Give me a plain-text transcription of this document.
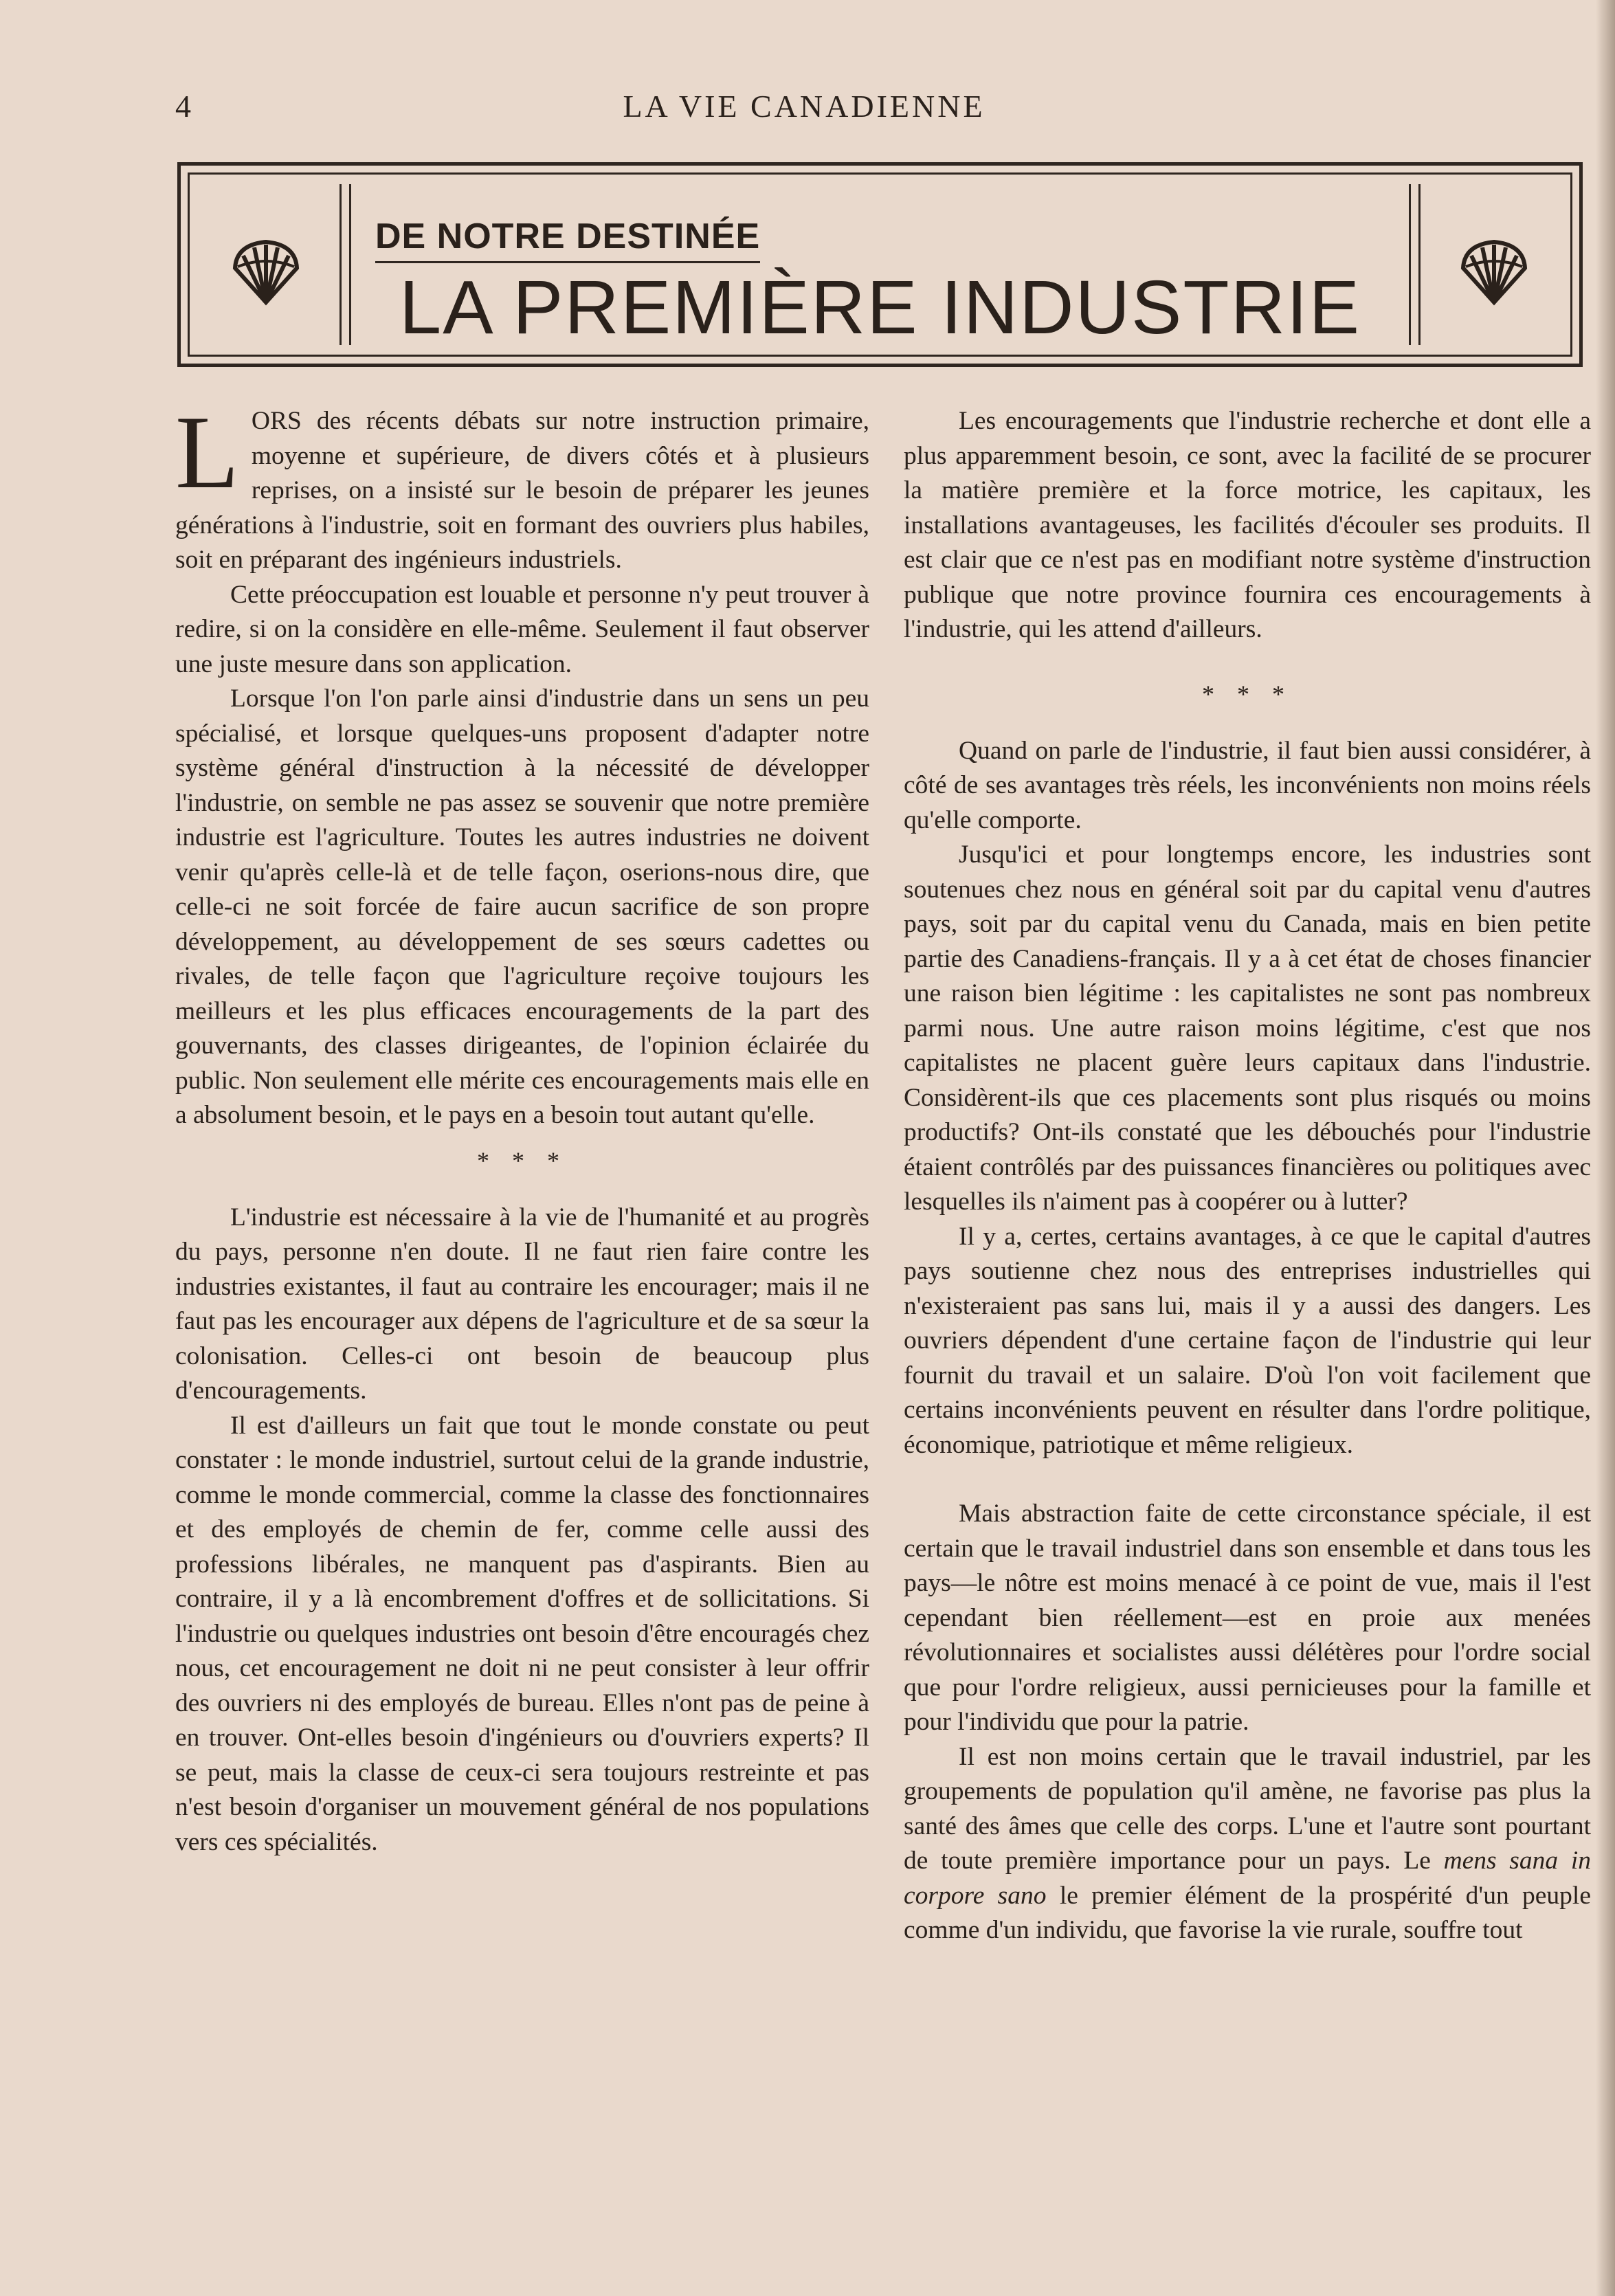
4	LA VIE CANADIENNE
DE NOTRE DESTINÉE
LA PREMIÈRE INDUSTRIE

LORS des récents débats sur notre instruction primaire, moyenne et supérieure, de divers côtés et à plusieurs reprises, on a insisté sur le besoin de préparer les jeunes générations à l'industrie, soit en formant des ouvriers plus habiles, soit en préparant des ingénieurs industriels.

Cette préoccupation est louable et personne n'y peut trouver à redire, si on la considère en elle-même. Seulement il faut observer une juste mesure dans son application.

Lorsque l'on l'on parle ainsi d'industrie dans un sens un peu spécialisé, et lorsque quelques-uns proposent d'adapter notre système général d'instruction à la nécessité de développer l'industrie, on semble ne pas assez se souvenir que notre première industrie est l'agriculture. Toutes les autres industries ne doivent venir qu'après celle-là et de telle façon, oserions-nous dire, que celle-ci ne soit forcée de faire aucun sacrifice de son propre développement, au développement de ses sœurs cadettes ou rivales, de telle façon que l'agriculture reçoive toujours les meilleurs et les plus efficaces encouragements de la part des gouvernants, des classes dirigeantes, de l'opinion éclairée du public. Non seulement elle mérite ces encouragements mais elle en a absolument besoin, et le pays en a besoin tout autant qu'elle.

* * *

L'industrie est nécessaire à la vie de l'humanité et au progrès du pays, personne n'en doute. Il ne faut rien faire contre les industries existantes, il faut au contraire les encourager; mais il ne faut pas les encourager aux dépens de l'agriculture et de sa sœur la colonisation. Celles-ci ont besoin de beaucoup plus d'encouragements.

Il est d'ailleurs un fait que tout le monde constate ou peut constater : le monde industriel, surtout celui de la grande industrie, comme le monde commercial, comme la classe des fonctionnaires et des employés de chemin de fer, comme celle aussi des professions libérales, ne manquent pas d'aspirants. Bien au contraire, il y a là encombrement d'offres et de sollicitations. Si l'industrie ou quelques industries ont besoin d'être encouragés chez nous, cet encouragement ne doit ni ne peut consister à leur offrir des ouvriers ni des employés de bureau. Elles n'ont pas de peine à en trouver. Ont-elles besoin d'ingénieurs ou d'ouvriers experts? Il se peut, mais la classe de ceux-ci sera toujours restreinte et pas n'est besoin d'organiser un mouvement général de nos populations vers ces spécialités.

Les encouragements que l'industrie recherche et dont elle a plus apparemment besoin, ce sont, avec la facilité de se procurer la matière première et la force motrice, les capitaux, les installations avantageuses, les facilités d'écouler ses produits. Il est clair que ce n'est pas en modifiant notre système d'instruction publique que notre province fournira ces encouragements à l'industrie, qui les attend d'ailleurs.

* * *

Quand on parle de l'industrie, il faut bien aussi considérer, à côté de ses avantages très réels, les inconvénients non moins réels qu'elle comporte.

Jusqu'ici et pour longtemps encore, les industries sont soutenues chez nous en général soit par du capital venu d'autres pays, soit par du capital venu du Canada, mais en bien petite partie des Canadiens-français. Il y a à cet état de choses financier une raison bien légitime : les capitalistes ne sont pas nombreux parmi nous. Une autre raison moins légitime, c'est que nos capitalistes ne placent guère leurs capitaux dans l'industrie. Considèrent-ils que ces placements sont plus risqués ou moins productifs? Ont-ils constaté que les débouchés pour l'industrie étaient contrôlés par des puissances financières ou politiques avec lesquelles ils n'aiment pas à coopérer ou à lutter?

Il y a, certes, certains avantages, à ce que le capital d'autres pays soutienne chez nous des entreprises industrielles qui n'existeraient pas sans lui, mais il y a aussi des dangers. Les ouvriers dépendent d'une certaine façon de l'industrie qui leur fournit du travail et un salaire. D'où l'on voit facilement que certains inconvénients peuvent en résulter dans l'ordre politique, économique, patriotique et même religieux.

Mais abstraction faite de cette circonstance spéciale, il est certain que le travail industriel dans son ensemble et dans tous les pays—le nôtre est moins menacé à ce point de vue, mais il l'est cependant bien réellement—est en proie aux menées révolutionnaires et socialistes aussi délétères pour l'ordre social que pour l'ordre religieux, aussi pernicieuses pour la famille et pour l'individu que pour la patrie.

Il est non moins certain que le travail industriel, par les groupements de population qu'il amène, ne favorise pas plus la santé des âmes que celle des corps. L'une et l'autre sont pourtant de toute première importance pour un pays. Le mens sana in corpore sano le premier élément de la prospérité d'un peuple comme d'un individu, que favorise la vie rurale, souffre tout
